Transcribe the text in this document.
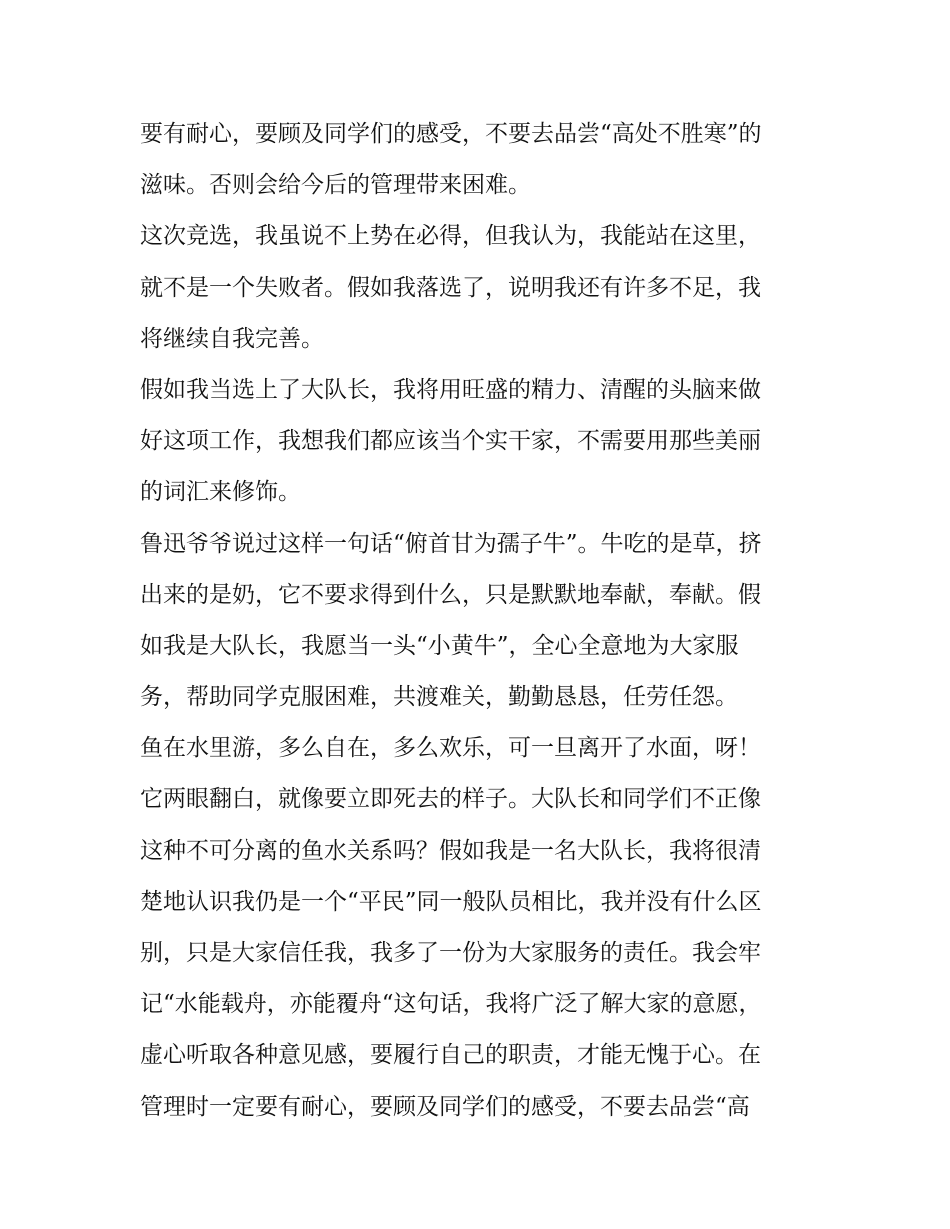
要有耐心，要顾及同学们的感受，不要去品尝“高处不胜寒”的
滋味。否则会给今后的管理带来困难。
这次竞选，我虽说不上势在必得，但我认为，我能站在这里，
就不是一个失败者。假如我落选了，说明我还有许多不足，我
将继续自我完善。
假如我当选上了大队长，我将用旺盛的精力、清醒的头脑来做
好这项工作，我想我们都应该当个实干家，不需要用那些美丽
的词汇来修饰。
鲁迅爷爷说过这样一句话“俯首甘为孺子牛”。牛吃的是草，挤
出来的是奶，它不要求得到什么，只是默默地奉献，奉献。假
如我是大队长，我愿当一头“小黄牛”，全心全意地为大家服
务，帮助同学克服困难，共渡难关，勤勤恳恳，任劳任怨。
鱼在水里游，多么自在，多么欢乐，可一旦离开了水面，呀！
它两眼翻白，就像要立即死去的样子。大队长和同学们不正像
这种不可分离的鱼水关系吗？假如我是一名大队长，我将很清
楚地认识我仍是一个“平民”同一般队员相比，我并没有什么区
别，只是大家信任我，我多了一份为大家服务的责任。我会牢
记“水能载舟，亦能覆舟“这句话，我将广泛了解大家的意愿，
虚心听取各种意见感，要履行自己的职责，才能无愧于心。在
管理时一定要有耐心，要顾及同学们的感受，不要去品尝“高
